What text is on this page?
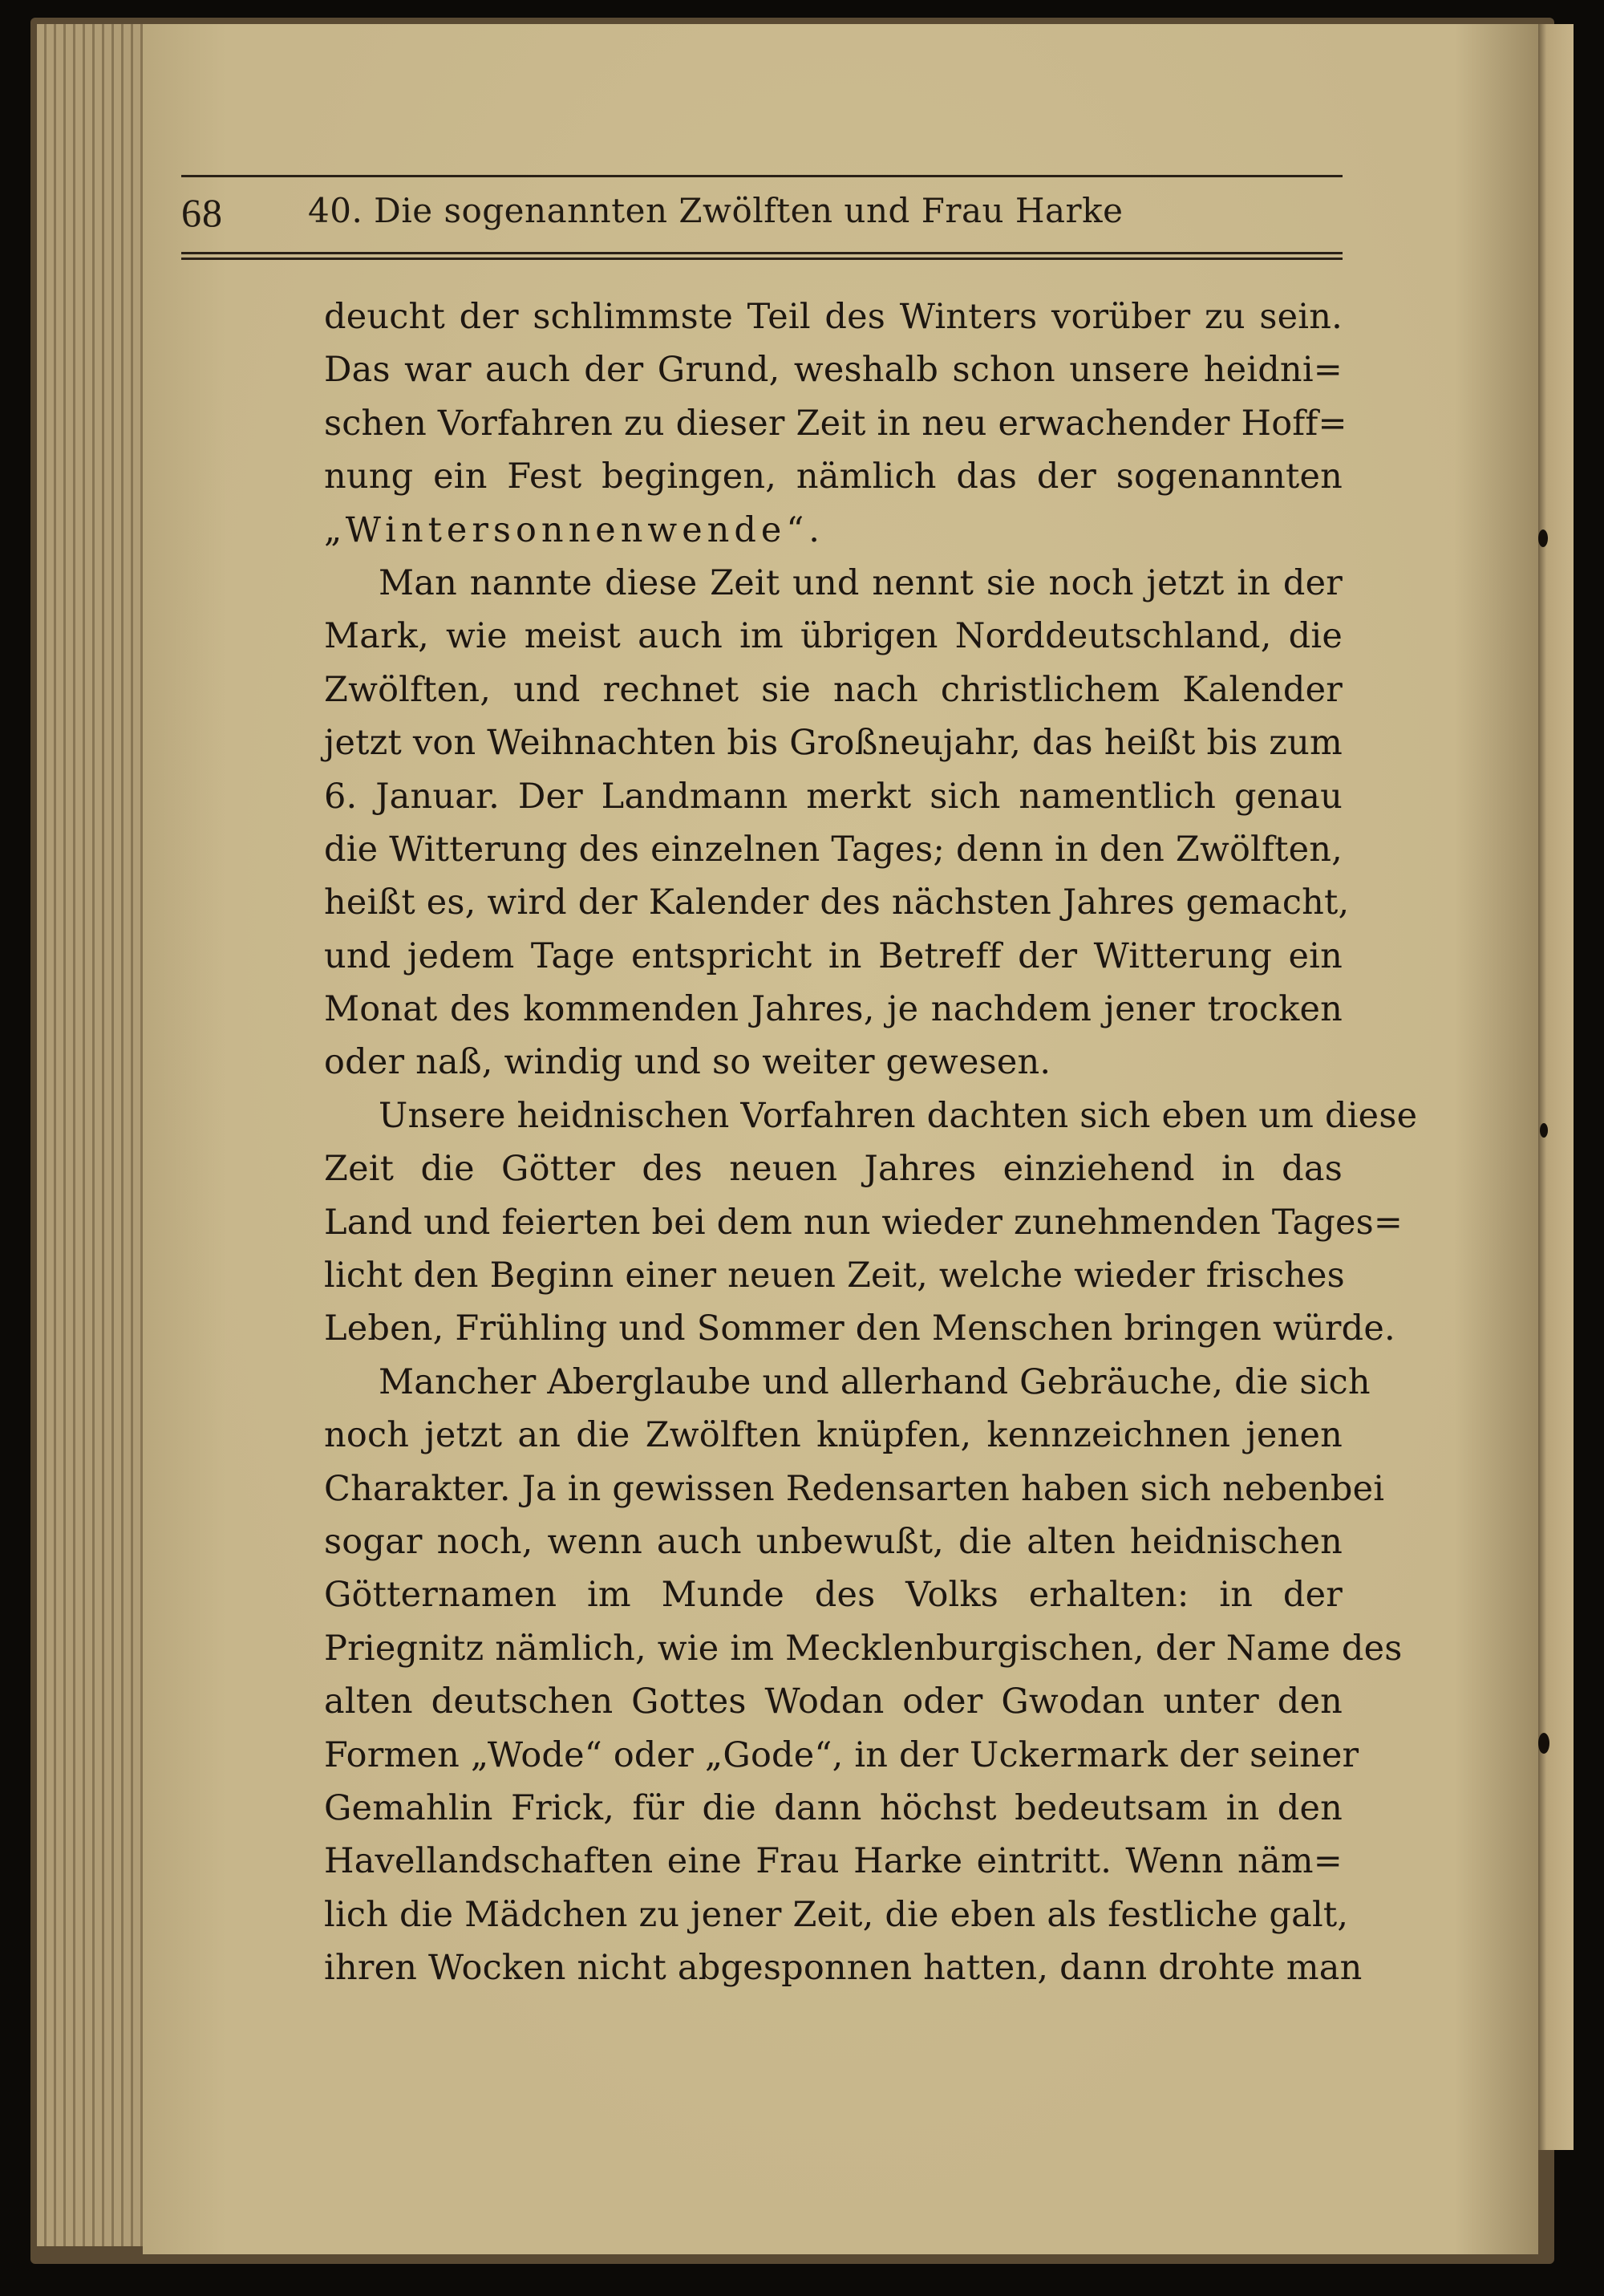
68	40. Die sogenannten Zwölften und Frau Harke
deucht der schlimmste Teil des Winters vorüber zu sein.
Das war auch der Grund, weshalb schon unsere heidni=
schen Vorfahren zu dieser Zeit in neu erwachender Hoff=
nung ein Fest begingen, nämlich das der sogenannten
„Wintersonnenwende“.
Man nannte diese Zeit und nennt sie noch jetzt in der
Mark, wie meist auch im übrigen Norddeutschland, die
Zwölften, und rechnet sie nach christlichem Kalender
jetzt von Weihnachten bis Großneujahr, das heißt bis zum
6. Januar. Der Landmann merkt sich namentlich genau
die Witterung des einzelnen Tages; denn in den Zwölften,
heißt es, wird der Kalender des nächsten Jahres gemacht,
und jedem Tage entspricht in Betreff der Witterung ein
Monat des kommenden Jahres, je nachdem jener trocken
oder naß, windig und so weiter gewesen.
Unsere heidnischen Vorfahren dachten sich eben um diese
Zeit die Götter des neuen Jahres einziehend in das
Land und feierten bei dem nun wieder zunehmenden Tages=
licht den Beginn einer neuen Zeit, welche wieder frisches
Leben, Frühling und Sommer den Menschen bringen würde.
Mancher Aberglaube und allerhand Gebräuche, die sich
noch jetzt an die Zwölften knüpfen, kennzeichnen jenen
Charakter. Ja in gewissen Redensarten haben sich nebenbei
sogar noch, wenn auch unbewußt, die alten heidnischen
Götternamen im Munde des Volks erhalten: in der
Priegnitz nämlich, wie im Mecklenburgischen, der Name des
alten deutschen Gottes Wodan oder Gwodan unter den
Formen „Wode“ oder „Gode“, in der Uckermark der seiner
Gemahlin Frick, für die dann höchst bedeutsam in den
Havellandschaften eine Frau Harke eintritt. Wenn näm=
lich die Mädchen zu jener Zeit, die eben als festliche galt,
ihren Wocken nicht abgesponnen hatten, dann drohte man
